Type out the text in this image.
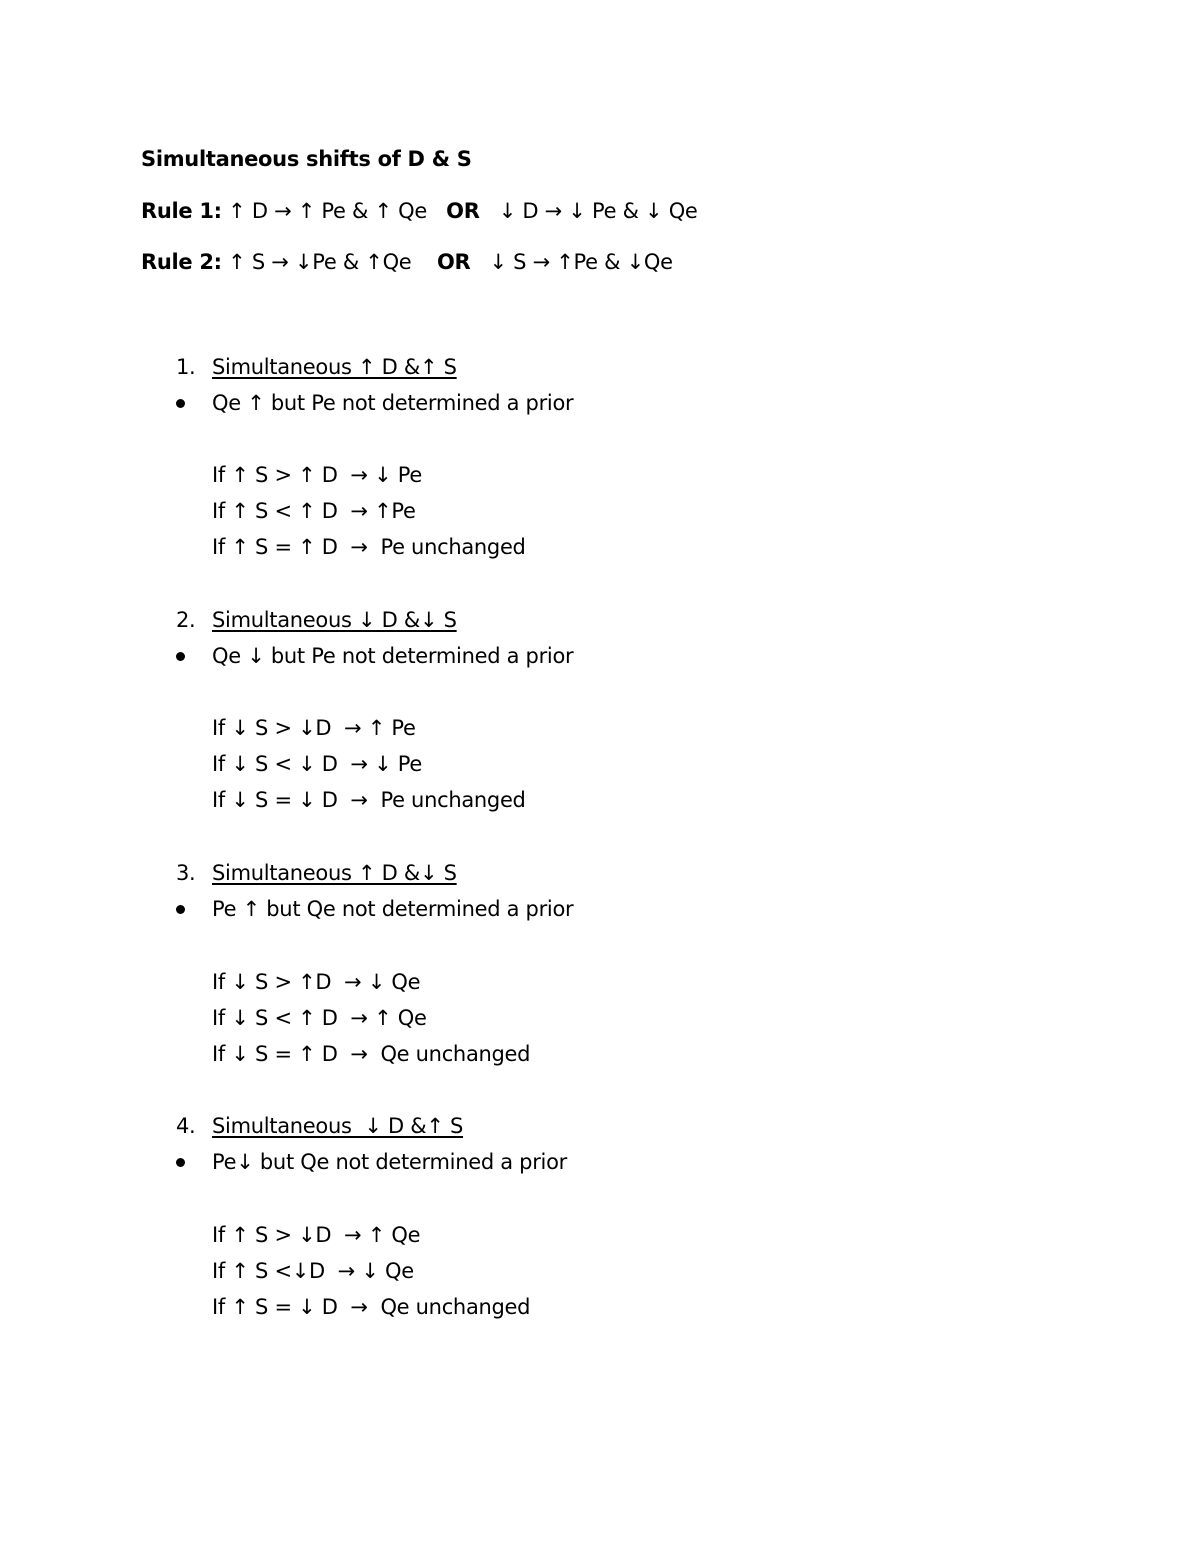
Simultaneous shifts of D & S
Rule 1: ↑ D → ↑ Pe & ↑ Qe   OR   ↓ D → ↓ Pe & ↓ Qe
Rule 2: ↑ S → ↓Pe & ↑Qe    OR   ↓ S → ↑Pe & ↓Qe
1. Simultaneous ↑ D &↑ S
Qe ↑ but Pe not determined a prior
If ↑ S > ↑ D  → ↓ Pe
If ↑ S < ↑ D  → ↑Pe
If ↑ S = ↑ D  →  Pe unchanged
2. Simultaneous ↓ D &↓ S
Qe ↓ but Pe not determined a prior
If ↓ S > ↓D  → ↑ Pe
If ↓ S < ↓ D  → ↓ Pe
If ↓ S = ↓ D  →  Pe unchanged
3. Simultaneous ↑ D &↓ S
Pe ↑ but Qe not determined a prior
If ↓ S > ↑D  → ↓ Qe
If ↓ S < ↑ D  → ↑ Qe
If ↓ S = ↑ D  →  Qe unchanged
4. Simultaneous  ↓ D &↑ S
Pe↓ but Qe not determined a prior
If ↑ S > ↓D  → ↑ Qe
If ↑ S <↓D  → ↓ Qe
If ↑ S = ↓ D  →  Qe unchanged
